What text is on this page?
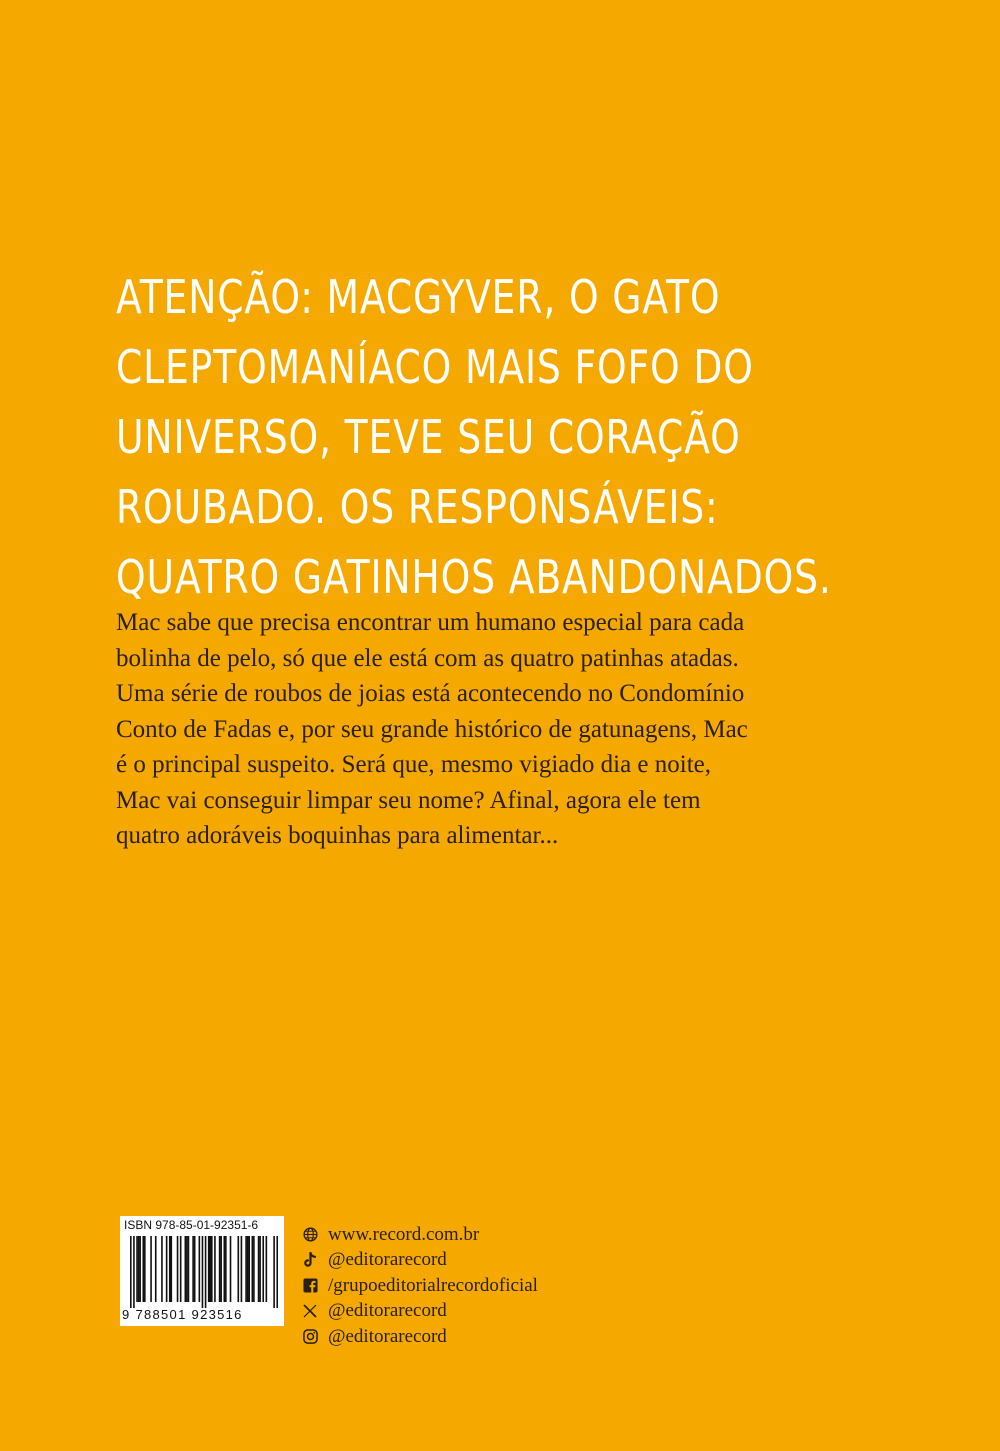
ATENÇÃO: MACGYVER, O GATO
CLEPTOMANÍACO MAIS FOFO DO
UNIVERSO, TEVE SEU CORAÇÃO
ROUBADO. OS RESPONSÁVEIS:
QUATRO GATINHOS ABANDONADOS.

Mac sabe que precisa encontrar um humano especial para cada
bolinha de pelo, só que ele está com as quatro patinhas atadas.
Uma série de roubos de joias está acontecendo no Condomínio
Conto de Fadas e, por seu grande histórico de gatunagens, Mac
é o principal suspeito. Será que, mesmo vigiado dia e noite,
Mac vai conseguir limpar seu nome? Afinal, agora ele tem
quatro adoráveis boquinhas para alimentar...

ISBN 978-85-01-92351-6
9 788501 923516
www.record.com.br
@editorarecord
/grupoeditorialrecordoficial
@editorarecord
@editorarecord
